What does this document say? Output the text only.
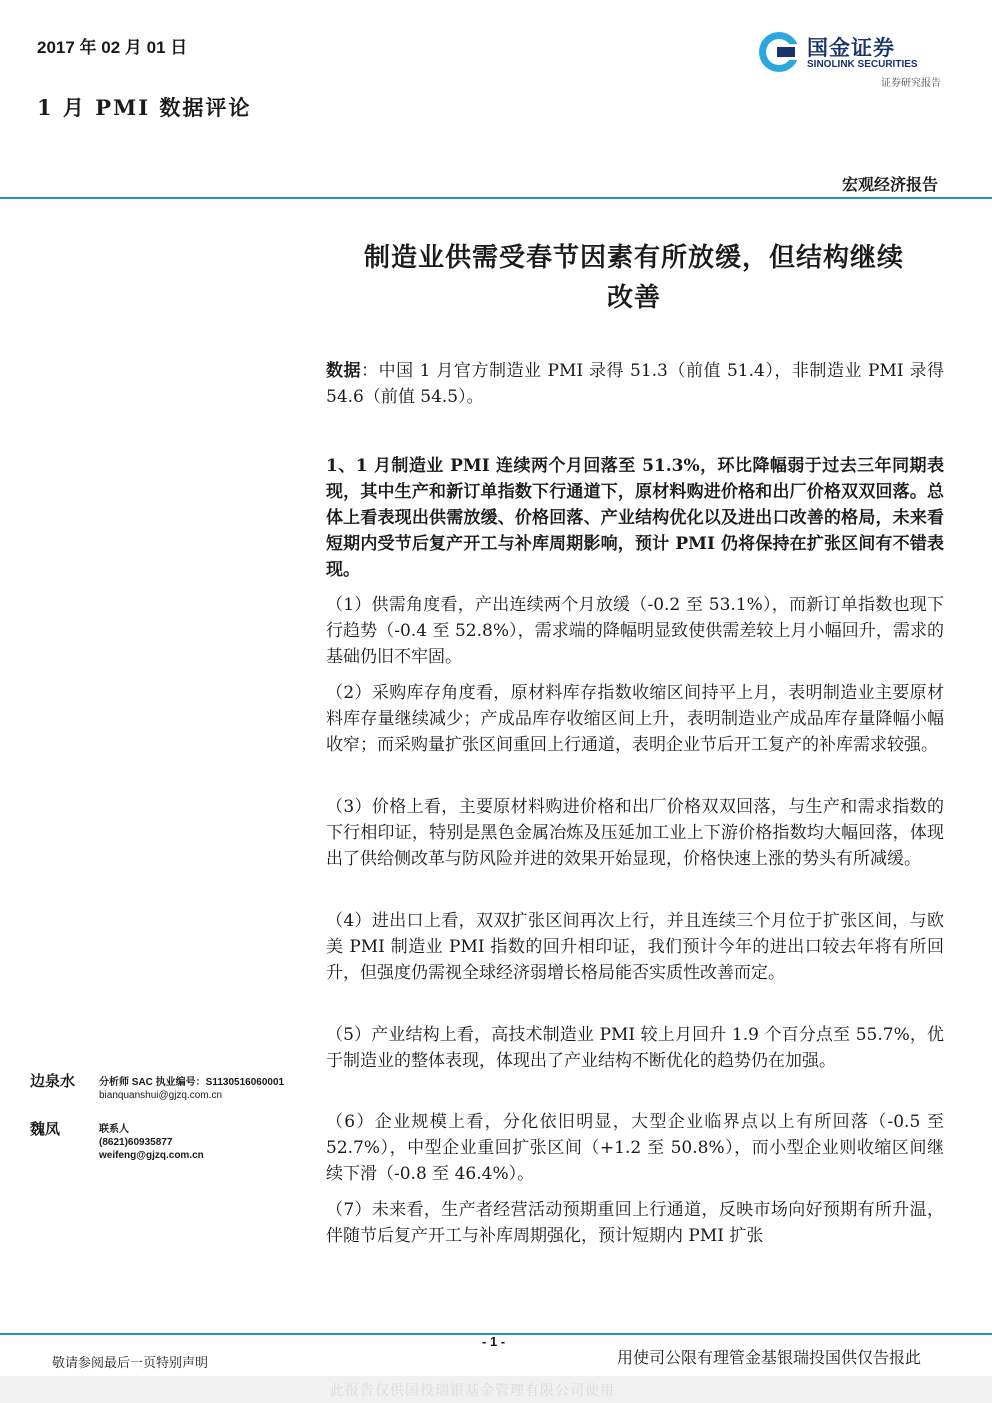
2017 年 02 月 01 日
1 月 PMI 数据评论
国金证券
SINOLINK SECURITIES
证券研究报告
宏观经济报告
制造业供需受春节因素有所放缓，但结构继续
改善

数据：中国 1 月官方制造业 PMI 录得 51.3（前值 51.4），非制造业 PMI 录得 54.6（前值 54.5）。

1、1 月制造业 PMI 连续两个月回落至 51.3%，环比降幅弱于过去三年同期表现，其中生产和新订单指数下行通道下，原材料购进价格和出厂价格双双回落。总体上看表现出供需放缓、价格回落、产业结构优化以及进出口改善的格局，未来看短期内受节后复产开工与补库周期影响，预计 PMI 仍将保持在扩张区间有不错表现。
（1）供需角度看，产出连续两个月放缓（-0.2 至 53.1%），而新订单指数也现下行趋势（-0.4 至 52.8%），需求端的降幅明显致使供需差较上月小幅回升，需求的基础仍旧不牢固。
（2）采购库存角度看，原材料库存指数收缩区间持平上月，表明制造业主要原材料库存量继续减少；产成品库存收缩区间上升，表明制造业产成品库存量降幅小幅收窄；而采购量扩张区间重回上行通道，表明企业节后开工复产的补库需求较强。
（3）价格上看，主要原材料购进价格和出厂价格双双回落，与生产和需求指数的下行相印证，特别是黑色金属冶炼及压延加工业上下游价格指数均大幅回落，体现出了供给侧改革与防风险并进的效果开始显现，价格快速上涨的势头有所减缓。
（4）进出口上看，双双扩张区间再次上行，并且连续三个月位于扩张区间，与欧美 PMI 制造业 PMI 指数的回升相印证，我们预计今年的进出口较去年将有所回升，但强度仍需视全球经济弱增长格局能否实质性改善而定。
（5）产业结构上看，高技术制造业 PMI 较上月回升 1.9 个百分点至 55.7%，优于制造业的整体表现，体现出了产业结构不断优化的趋势仍在加强。
（6）企业规模上看，分化依旧明显，大型企业临界点以上有所回落（-0.5 至 52.7%），中型企业重回扩张区间（+1.2 至 50.8%），而小型企业则收缩区间继续下滑（-0.8 至 46.4%）。
（7）未来看，生产者经营活动预期重回上行通道，反映市场向好预期有所升温，伴随节后复产开工与补库周期强化，预计短期内 PMI 扩张
边泉水 分析师 SAC 执业编号：S1130516060001
bianquanshui@gjzq.com.cn
魏凤	联系人
(8621)60935877
weifeng@gjzq.com.cn
- 1 -
敬请参阅最后一页特别声明	用使司公限有理管金基银瑞投国供仅告报此
此报告仅供国投瑞银基金管理有限公司使用
